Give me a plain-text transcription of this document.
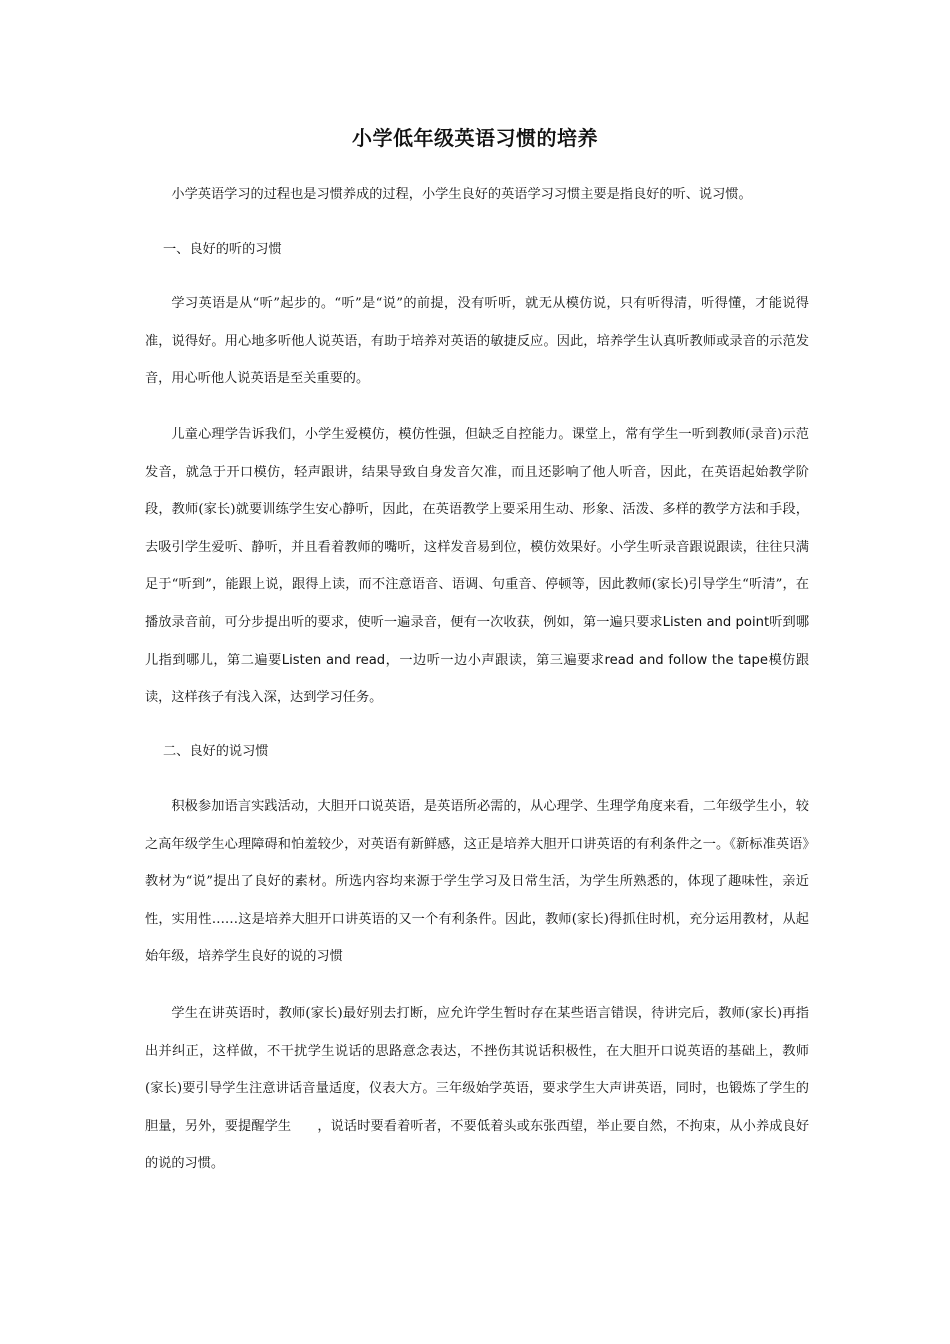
小学低年级英语习惯的培养
小学英语学习的过程也是习惯养成的过程，小学生良好的英语学习习惯主要是指良好的听、说习惯。
一、良好的听的习惯
学习英语是从“听”起步的。“听”是“说”的前提，没有听听，就无从模仿说，只有听得清，听得懂，才能说得准，说得好。用心地多听他人说英语，有助于培养对英语的敏捷反应。因此，培养学生认真听教师或录音的示范发音，用心听他人说英语是至关重要的。
儿童心理学告诉我们，小学生爱模仿，模仿性强，但缺乏自控能力。课堂上，常有学生一听到教师(录音)示范发音，就急于开口模仿，轻声跟讲，结果导致自身发音欠准，而且还影响了他人听音，因此，在英语起始教学阶段，教师(家长)就要训练学生安心静听，因此，在英语教学上要采用生动、形象、活泼、多样的教学方法和手段，去吸引学生爱听、静听，并且看着教师的嘴听，这样发音易到位，模仿效果好。小学生听录音跟说跟读，往往只满足于“听到”，能跟上说，跟得上读，而不注意语音、语调、句重音、停顿等，因此教师(家长)引导学生“听清”，在播放录音前，可分步提出听的要求，使听一遍录音，便有一次收获，例如，第一遍只要求Listen and point听到哪儿指到哪儿，第二遍要Listen and read，一边听一边小声跟读，第三遍要求read and follow the tape模仿跟读，这样孩子有浅入深，达到学习任务。
二、良好的说习惯
积极参加语言实践活动，大胆开口说英语，是英语所必需的，从心理学、生理学角度来看，二年级学生小，较之高年级学生心理障碍和怕羞较少，对英语有新鲜感，这正是培养大胆开口讲英语的有利条件之一。《新标准英语》教材为“说”提出了良好的素材。所选内容均来源于学生学习及日常生活，为学生所熟悉的，体现了趣味性，亲近性，实用性……这是培养大胆开口讲英语的又一个有利条件。因此，教师(家长)得抓住时机，充分运用教材，从起始年级，培养学生良好的说的习惯
学生在讲英语时，教师(家长)最好别去打断，应允许学生暂时存在某些语言错误，待讲完后，教师(家长)再指出并纠正，这样做，不干扰学生说话的思路意念表达，不挫伤其说话积极性，在大胆开口说英语的基础上，教师(家长)要引导学生注意讲话音量适度，仪表大方。三年级始学英语，要求学生大声讲英语，同时，也锻炼了学生的胆量，另外，要提醒学生 ，说话时要看着听者，不要低着头或东张西望，举止要自然，不拘束，从小养成良好的说的习惯。
